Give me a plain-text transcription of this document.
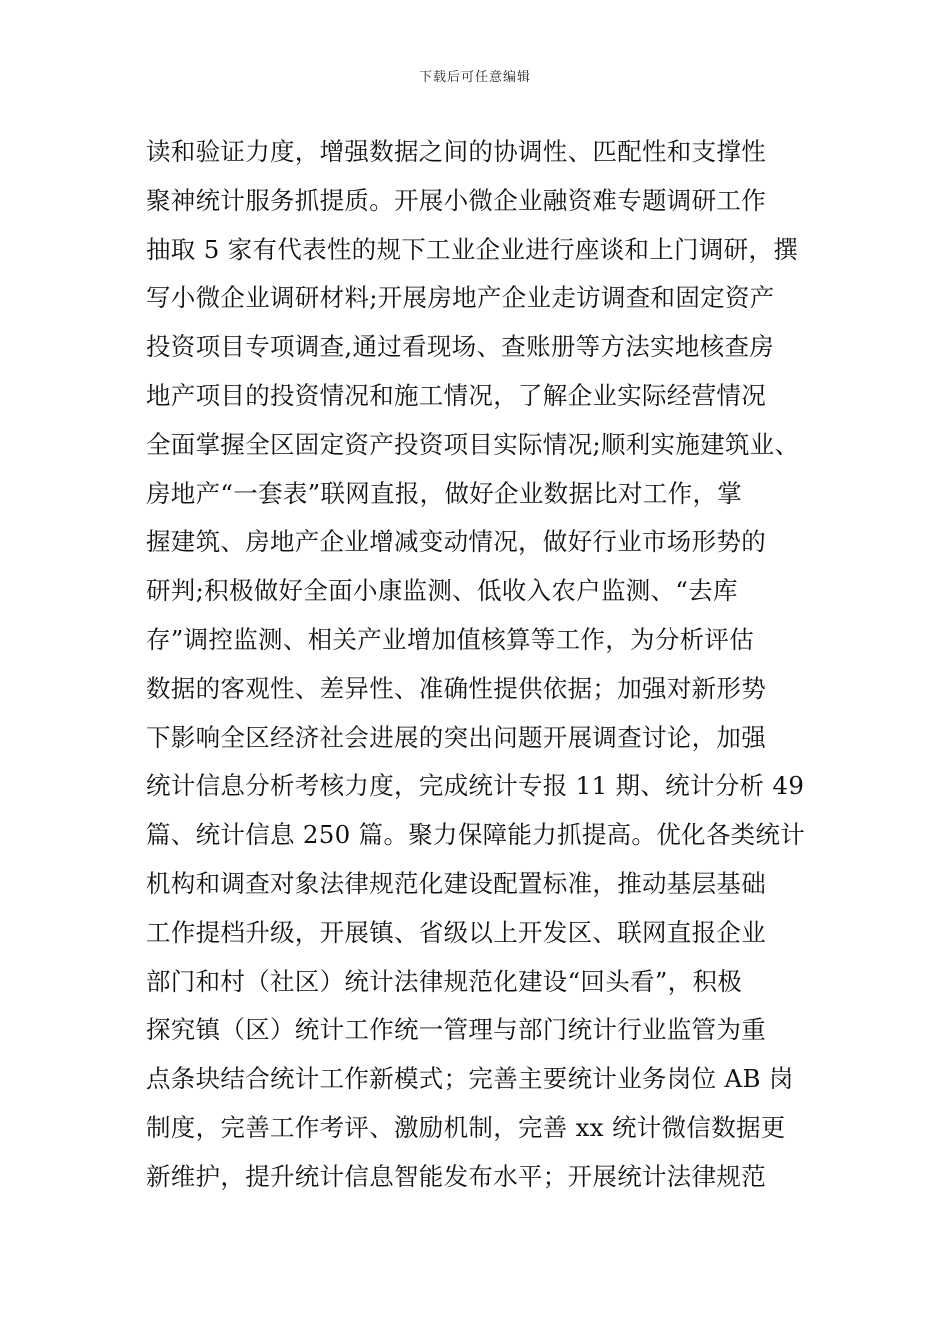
下载后可任意编辑
读和验证力度，增强数据之间的协调性、匹配性和支撑性
聚神统计服务抓提质。开展小微企业融资难专题调研工作
抽取 5 家有代表性的规下工业企业进行座谈和上门调研，撰
写小微企业调研材料;开展房地产企业走访调查和固定资产
投资项目专项调查,通过看现场、查账册等方法实地核查房
地产项目的投资情况和施工情况，了解企业实际经营情况
全面掌握全区固定资产投资项目实际情况;顺利实施建筑业、
房地产“一套表”联网直报，做好企业数据比对工作，掌
握建筑、房地产企业增减变动情况，做好行业市场形势的
研判;积极做好全面小康监测、低收入农户监测、“去库
存”调控监测、相关产业增加值核算等工作，为分析评估
数据的客观性、差异性、准确性提供依据；加强对新形势
下影响全区经济社会进展的突出问题开展调查讨论，加强
统计信息分析考核力度，完成统计专报 11 期、统计分析 49
篇、统计信息 250 篇。聚力保障能力抓提高。优化各类统计
机构和调查对象法律规范化建设配置标准，推动基层基础
工作提档升级，开展镇、省级以上开发区、联网直报企业
部门和村（社区）统计法律规范化建设“回头看”，积极
探究镇（区）统计工作统一管理与部门统计行业监管为重
点条块结合统计工作新模式；完善主要统计业务岗位 AB 岗
制度，完善工作考评、激励机制，完善 xx 统计微信数据更
新维护，提升统计信息智能发布水平；开展统计法律规范
